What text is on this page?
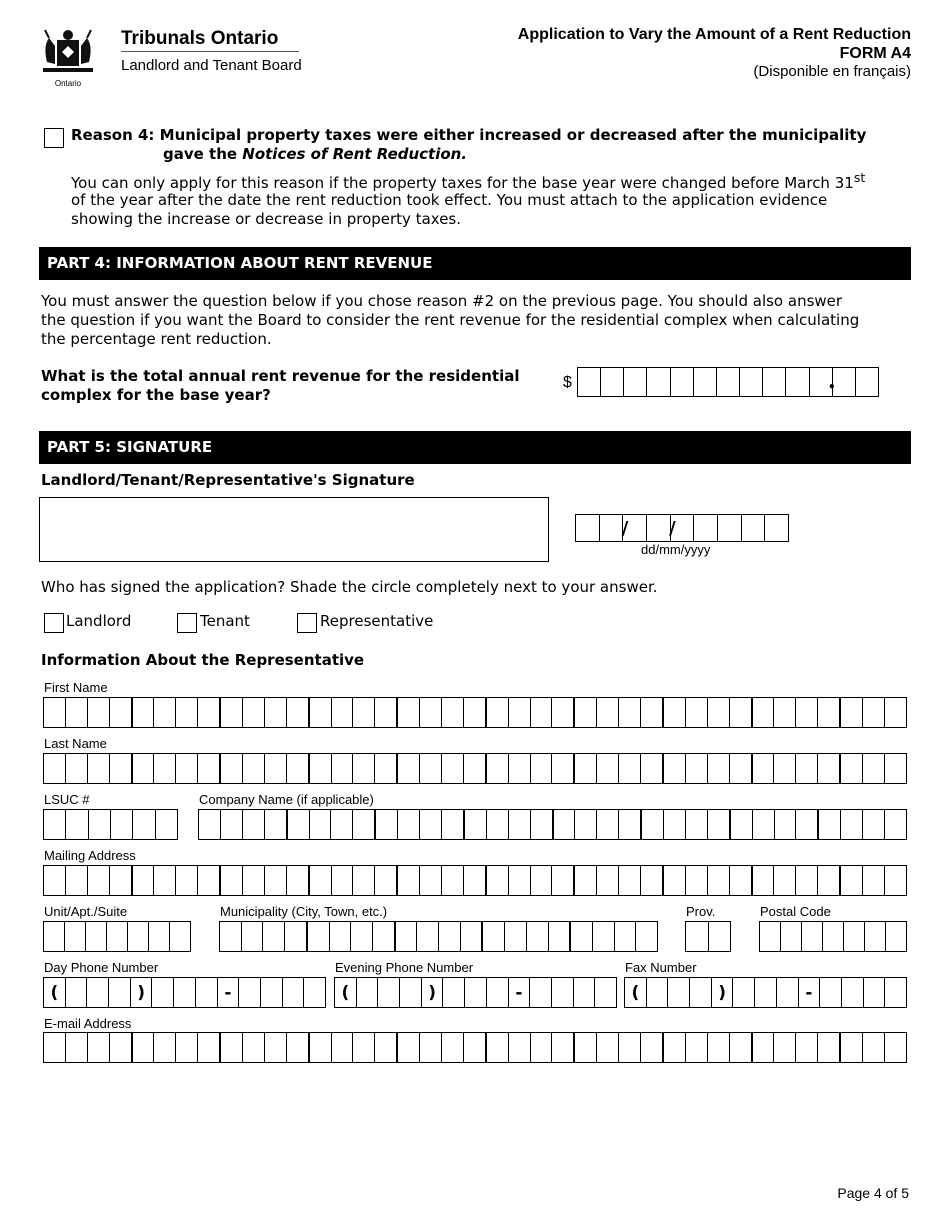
Ontario
Tribunals Ontario
Landlord and Tenant Board
Application to Vary the Amount of a Rent Reduction
FORM A4
(Disponible en français)
Reason 4: Municipal property taxes were either increased or decreased after the municipality
gave the Notices of Rent Reduction.
You can only apply for this reason if the property taxes for the base year were changed before March 31st
of the year after the date the rent reduction took effect. You must attach to the application evidence
showing the increase or decrease in property taxes.
PART 4: INFORMATION ABOUT RENT REVENUE
You must answer the question below if you chose reason #2 on the previous page. You should also answer
the question if you want the Board to consider the rent revenue for the residential complex when calculating
the percentage rent reduction.
What is the total annual rent revenue for the residential
complex for the base year?
$	•
PART 5: SIGNATURE
Landlord/Tenant/Representative's Signature
/ /
dd/mm/yyyy
Who has signed the application? Shade the circle completely next to your answer.
Landlord	Tenant	Representative
Information About the Representative
First Name
Last Name
LSUC #	Company Name (if applicable)
Mailing Address
Unit/Apt./Suite	Municipality (City, Town, etc.)	Prov.	Postal Code
Day Phone Number
(	)	-
Evening Phone Number
(	)	-
Fax Number
(	)	-
E-mail Address
Page 4 of 5
